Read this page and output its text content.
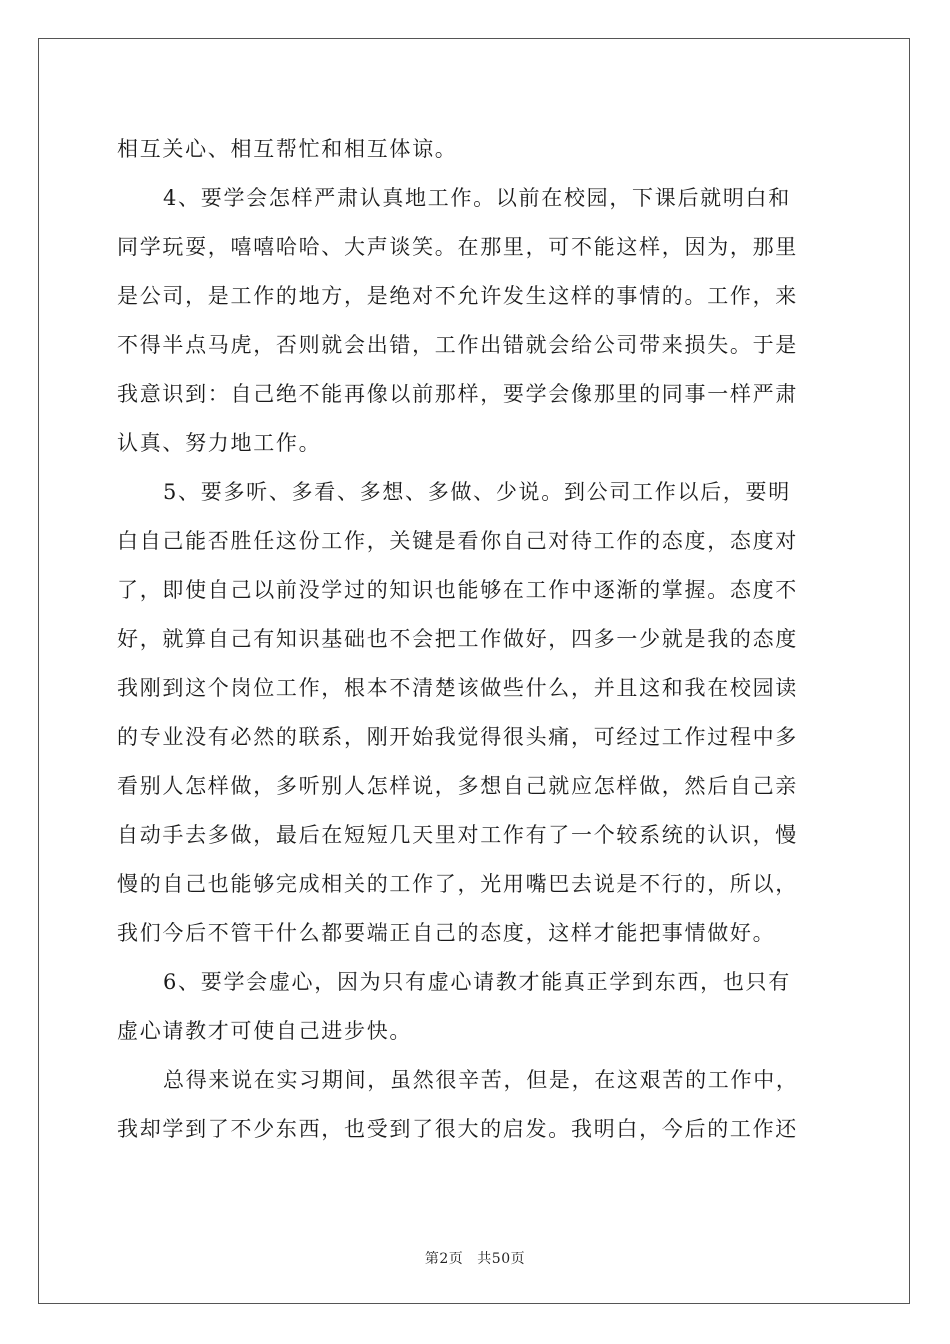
相互关心、相互帮忙和相互体谅。
4、要学会怎样严肃认真地工作。以前在校园，下课后就明白和
同学玩耍，嘻嘻哈哈、大声谈笑。在那里，可不能这样，因为，那里
是公司，是工作的地方，是绝对不允许发生这样的事情的。工作，来
不得半点马虎，否则就会出错，工作出错就会给公司带来损失。于是
我意识到：自己绝不能再像以前那样，要学会像那里的同事一样严肃
认真、努力地工作。
5、要多听、多看、多想、多做、少说。到公司工作以后，要明
白自己能否胜任这份工作，关键是看你自己对待工作的态度，态度对
了，即使自己以前没学过的知识也能够在工作中逐渐的掌握。态度不
好，就算自己有知识基础也不会把工作做好，四多一少就是我的态度
我刚到这个岗位工作，根本不清楚该做些什么，并且这和我在校园读
的专业没有必然的联系，刚开始我觉得很头痛，可经过工作过程中多
看别人怎样做，多听别人怎样说，多想自己就应怎样做，然后自己亲
自动手去多做，最后在短短几天里对工作有了一个较系统的认识，慢
慢的自己也能够完成相关的工作了，光用嘴巴去说是不行的，所以，
我们今后不管干什么都要端正自己的态度，这样才能把事情做好。
6、要学会虚心，因为只有虚心请教才能真正学到东西，也只有
虚心请教才可使自己进步快。
总得来说在实习期间，虽然很辛苦，但是，在这艰苦的工作中，
我却学到了不少东西，也受到了很大的启发。我明白，今后的工作还
第2页 共50页
